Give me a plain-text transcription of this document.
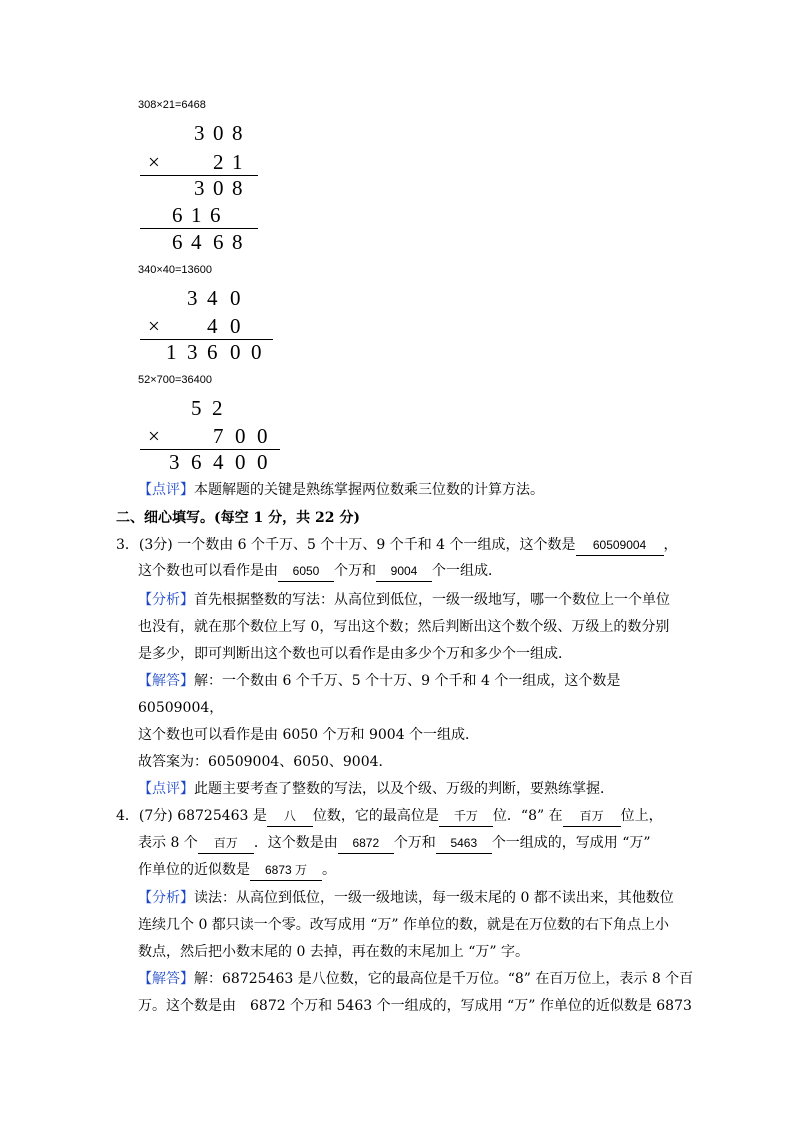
308×21=6468
3 0 8
×	2 1
3 0 8
6 1 6
6 4 6 8
340×40=13600
3 4 0
× 4 0
1 3 6 0 0
52×700=36400
5 2
×	7 0 0
3 6 4 0 0
【点评】本题解题的关键是熟练掌握两位数乘三位数的计算方法。
二、细心填写。(每空 1 分，共 22 分)
3．(3分) 一个数由 6 个千万、5 个十万、9 个千和 4 个一组成，这个数是 60509004 ，
这个数也可以看作是由 6050 个万和 9004 个一组成．
【分析】首先根据整数的写法：从高位到低位，一级一级地写，哪一个数位上一个单位
也没有，就在那个数位上写 0，写出这个数；然后判断出这个数个级、万级上的数分别
是多少，即可判断出这个数也可以看作是由多少个万和多少个一组成．
【解答】解：一个数由 6 个千万、5 个十万、9 个千和 4 个一组成，这个数是
60509004，
这个数也可以看作是由 6050 个万和 9004 个一组成．
故答案为：60509004、6050、9004．
【点评】此题主要考查了整数的写法，以及个级、万级的判断，要熟练掌握．
4．(7分) 68725463 是 八 位数，它的最高位是 千万 位．“8” 在 百万 位上，
表示 8 个 百万 ．这个数是由 6872 个万和 5463 个一组成的，写成用 “万”
作单位的近似数是 6873 万 。
【分析】读法：从高位到低位，一级一级地读，每一级末尾的 0 都不读出来，其他数位
连续几个 0 都只读一个零。改写成用 “万” 作单位的数，就是在万位数的右下角点上小
数点，然后把小数末尾的 0 去掉，再在数的末尾加上 “万” 字。
【解答】解：68725463 是八位数，它的最高位是千万位。“8” 在百万位上，表示 8 个百
万。这个数是由　6872 个万和 5463 个一组成的，写成用 “万” 作单位的近似数是 6873
